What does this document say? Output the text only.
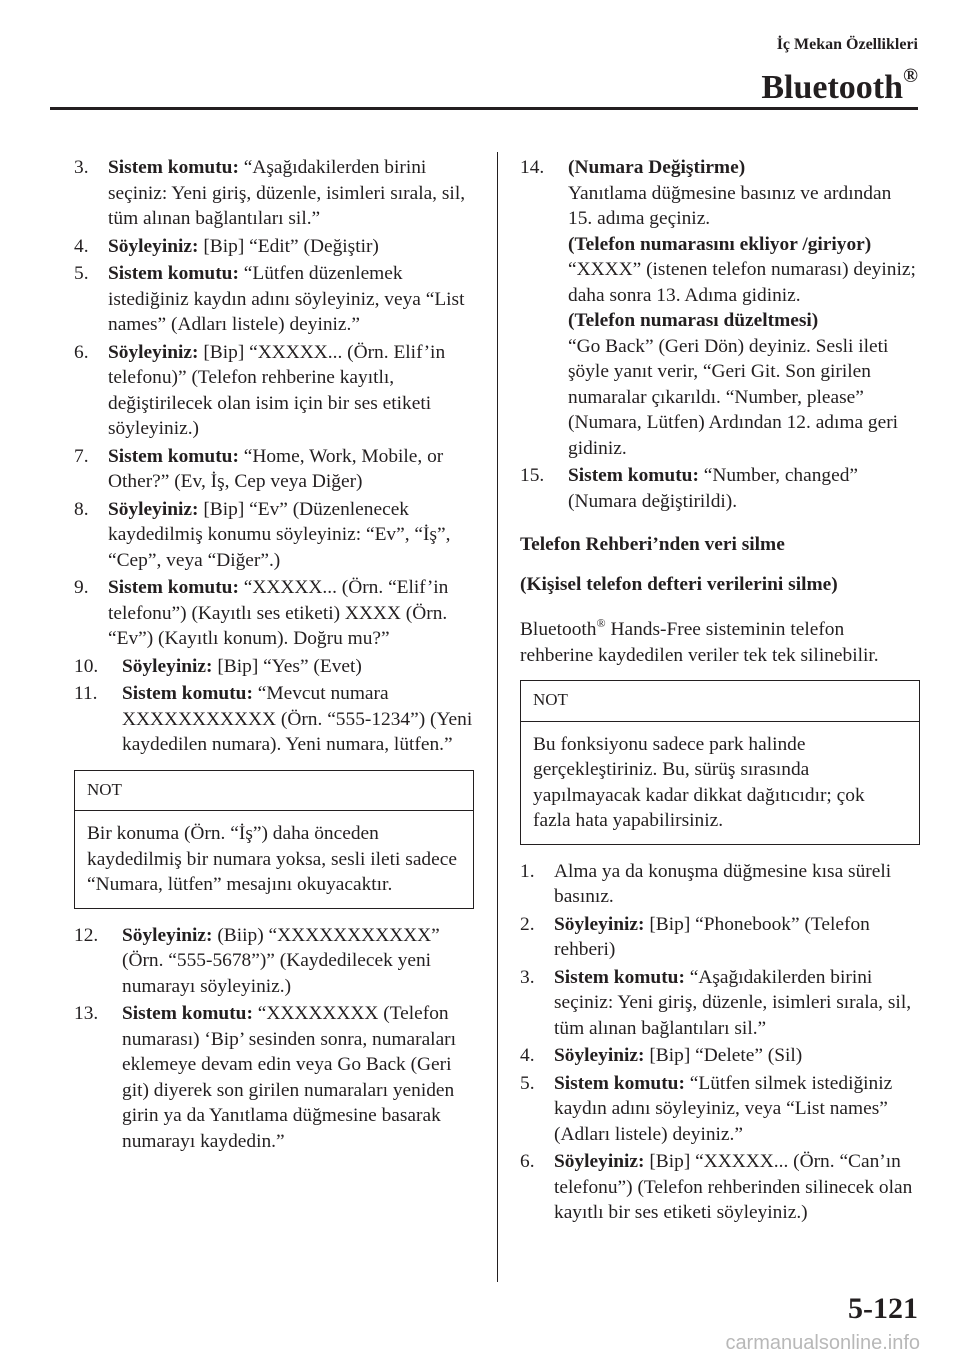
İç Mekan Özellikleri
Bluetooth®
3. Sistem komutu: “Aşağıdakilerden birini seçiniz: Yeni giriş, düzenle, isimleri sırala, sil, tüm alınan bağlantıları sil.”
4. Söyleyiniz: [Bip] “Edit” (Değiştir)
5. Sistem komutu: “Lütfen düzenlemek istediğiniz kaydın adını söyleyiniz, veya “List names” (Adları listele) deyiniz.”
6. Söyleyiniz: [Bip] “XXXXX... (Örn. Elif’in telefonu)” (Telefon rehberine kayıtlı, değiştirilecek olan isim için bir ses etiketi söyleyiniz.)
7. Sistem komutu: “Home, Work, Mobile, or Other?” (Ev, İş, Cep veya Diğer)
8. Söyleyiniz: [Bip] “Ev” (Düzenlenecek kaydedilmiş konumu söyleyiniz: “Ev”, “İş”, “Cep”, veya “Diğer”.)
9. Sistem komutu: “XXXXX... (Örn. “Elif’in telefonu”) (Kayıtlı ses etiketi) XXXX (Örn. “Ev”) (Kayıtlı konum). Doğru mu?”
10. Söyleyiniz: [Bip] “Yes” (Evet)
11. Sistem komutu: “Mevcut numara XXXXXXXXXXX (Örn. “555-1234”) (Yeni kaydedilen numara). Yeni numara, lütfen.”
NOT
Bir konuma (Örn. “İş”) daha önceden kaydedilmiş bir numara yoksa, sesli ileti sadece “Numara, lütfen” mesajını okuyacaktır.
12. Söyleyiniz: (Biip) “XXXXXXXXXXX” (Örn. “555-5678”)” (Kaydedilecek yeni numarayı söyleyiniz.)
13. Sistem komutu: “XXXXXXXX (Telefon numarası) ‘Bip’ sesinden sonra, numaraları eklemeye devam edin veya Go Back (Geri git) diyerek son girilen numaraları yeniden girin ya da Yanıtlama düğmesine basarak numarayı kaydedin.”
14. (Numara Değiştirme)
Yanıtlama düğmesine basınız ve ardından 15. adıma geçiniz.
(Telefon numarasını ekliyor /giriyor)
“XXXX” (istenen telefon numarası) deyiniz; daha sonra 13. Adıma gidiniz.
(Telefon numarası düzeltmesi)
“Go Back” (Geri Dön) deyiniz. Sesli ileti şöyle yanıt verir, “Geri Git. Son girilen numaralar çıkarıldı. “Number, please” (Numara, Lütfen) Ardından 12. adıma geri gidiniz.
15. Sistem komutu: “Number, changed” (Numara değiştirildi).
Telefon Rehberi’nden veri silme
(Kişisel telefon defteri verilerini silme)
Bluetooth® Hands-Free sisteminin telefon rehberine kaydedilen veriler tek tek silinebilir.
NOT
Bu fonksiyonu sadece park halinde gerçekleştiriniz. Bu, sürüş sırasında yapılmayacak kadar dikkat dağıtıcıdır; çok fazla hata yapabilirsiniz.
1. Alma ya da konuşma düğmesine kısa süreli basınız.
2. Söyleyiniz: [Bip] “Phonebook” (Telefon rehberi)
3. Sistem komutu: “Aşağıdakilerden birini seçiniz: Yeni giriş, düzenle, isimleri sırala, sil, tüm alınan bağlantıları sil.”
4. Söyleyiniz: [Bip] “Delete” (Sil)
5. Sistem komutu: “Lütfen silmek istediğiniz kaydın adını söyleyiniz, veya “List names” (Adları listele) deyiniz.”
6. Söyleyiniz: [Bip] “XXXXX... (Örn. “Can’ın telefonu”) (Telefon rehberinden silinecek olan kayıtlı bir ses etiketi söyleyiniz.)
5-121
carmanualsonline.info
